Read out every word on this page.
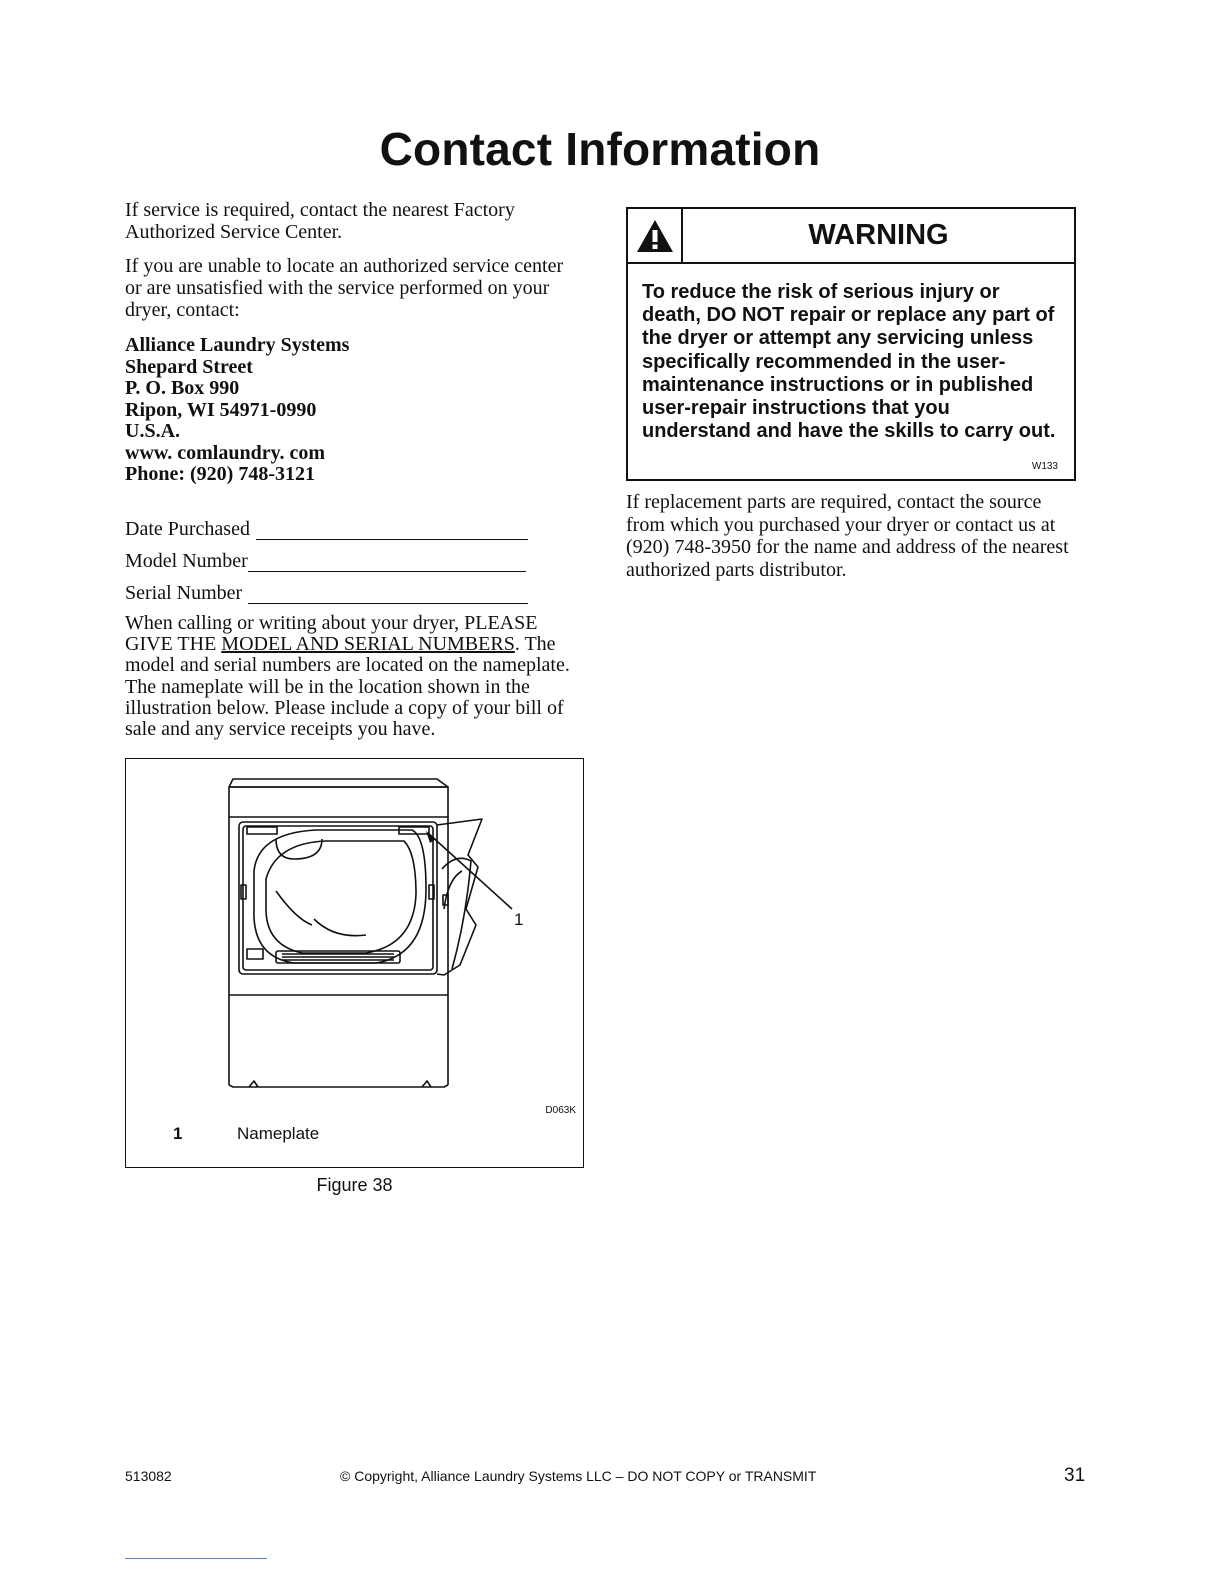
Contact Information

If service is required, contact the nearest Factory Authorized Service Center.

If you are unable to locate an authorized service center or are unsatisfied with the service performed on your dryer, contact:

Alliance Laundry Systems
Shepard Street
P. O. Box 990
Ripon, WI 54971-0990
U.S.A.
www. comlaundry. com
Phone: (920) 748-3121
Date Purchased
Model Number
Serial Number

When calling or writing about your dryer, PLEASE GIVE THE MODEL AND SERIAL NUMBERS. The model and serial numbers are located on the nameplate. The nameplate will be in the location shown in the illustration below. Please include a copy of your bill of sale and any service receipts you have.

1
D063K
1	Nameplate
Figure 38
WARNING
To reduce the risk of serious injury or death, DO NOT repair or replace any part of the dryer or attempt any servicing unless specifically recommended in the user-maintenance instructions or in published user-repair instructions that you understand and have the skills to carry out.
W133

If replacement parts are required, contact the source from which you purchased your dryer or contact us at (920) 748-3950 for the name and address of the nearest authorized parts distributor.

513082	© Copyright, Alliance Laundry Systems LLC – DO NOT COPY or TRANSMIT	31
